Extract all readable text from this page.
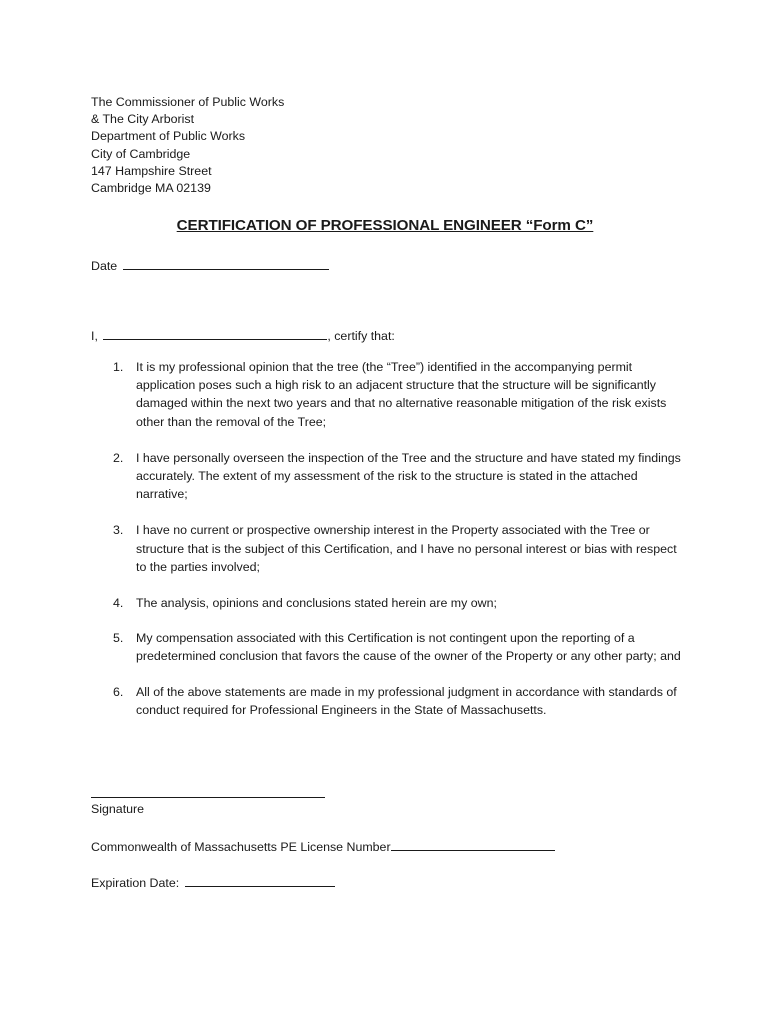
The Commissioner of Public Works
& The City Arborist
Department of Public Works
City of Cambridge
147 Hampshire Street
Cambridge MA 02139
CERTIFICATION OF PROFESSIONAL ENGINEER “Form C”
Date
I,	, certify that:
1.	It is my professional opinion that the tree (the “Tree”) identified in the accompanying permit application poses such a high risk to an adjacent structure that the structure will be significantly damaged within the next two years and that no alternative reasonable mitigation of the risk exists other than the removal of the Tree;
2.	I have personally overseen the inspection of the Tree and the structure and have stated my findings accurately. The extent of my assessment of the risk to the structure is stated in the attached narrative;
3.	I have no current or prospective ownership interest in the Property associated with the Tree or structure that is the subject of this Certification, and I have no personal interest or bias with respect to the parties involved;
4.	The analysis, opinions and conclusions stated herein are my own;
5.	My compensation associated with this Certification is not contingent upon the reporting of a predetermined conclusion that favors the cause of the owner of the Property or any other party; and
6.	All of the above statements are made in my professional judgment in accordance with standards of conduct required for Professional Engineers in the State of Massachusetts.
Signature
Commonwealth of Massachusetts PE License Number
Expiration Date:
